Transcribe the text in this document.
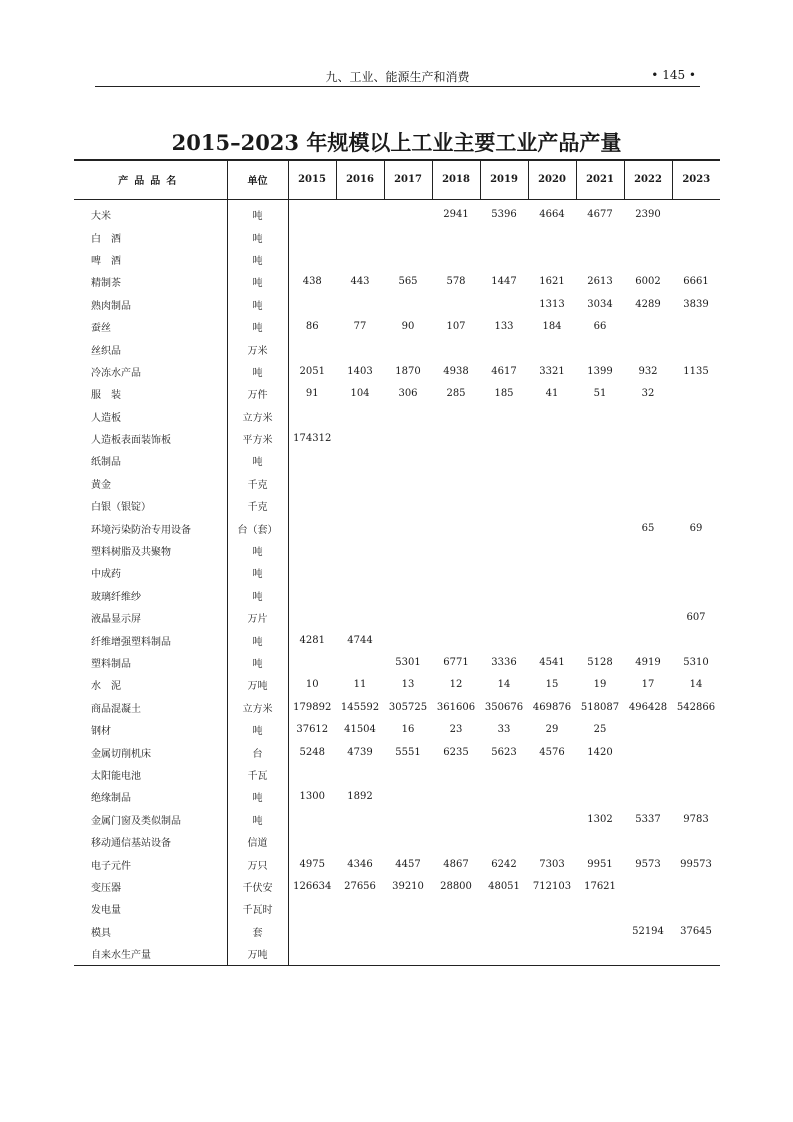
九、工业、能源生产和消费	• 145 •
2015–2023 年规模以上工业主要工业产品产量
产品品名	单位	2015	2016	2017	2018	2019	2020	2021	2022	2023
大米	吨				2941	5396	4664	4677	2390	
白　酒	吨									
啤　酒	吨									
精制茶	吨	438	443	565	578	1447	1621	2613	6002	6661
熟肉制品	吨						1313	3034	4289	3839
蚕丝	吨	86	77	90	107	133	184	66		
丝织品	万米									
冷冻水产品	吨	2051	1403	1870	4938	4617	3321	1399	932	1135
服　装	万件	91	104	306	285	185	41	51	32	
人造板	立方米									
人造板表面装饰板	平方米	174312								
纸制品	吨									
黄金	千克									
白银（银锭）	千克									
环境污染防治专用设备	台（套）								65	69
塑料树脂及共聚物	吨									
中成药	吨									
玻璃纤维纱	吨									
液晶显示屏	万片									607
纤维增强塑料制品	吨	4281	4744							
塑料制品	吨			5301	6771	3336	4541	5128	4919	5310
水　泥	万吨	10	11	13	12	14	15	19	17	14
商品混凝土	立方米	179892	145592	305725	361606	350676	469876	518087	496428	542866
钢材	吨	37612	41504	16	23	33	29	25		
金属切削机床	台	5248	4739	5551	6235	5623	4576	1420		
太阳能电池	千瓦									
绝缘制品	吨	1300	1892							
金属门窗及类似制品	吨							1302	5337	9783
移动通信基站设备	信道									
电子元件	万只	4975	4346	4457	4867	6242	7303	9951	9573	99573
变压器	千伏安	126634	27656	39210	28800	48051	712103	17621		
发电量	千瓦时									
模具	套								52194	37645
自来水生产量	万吨									
